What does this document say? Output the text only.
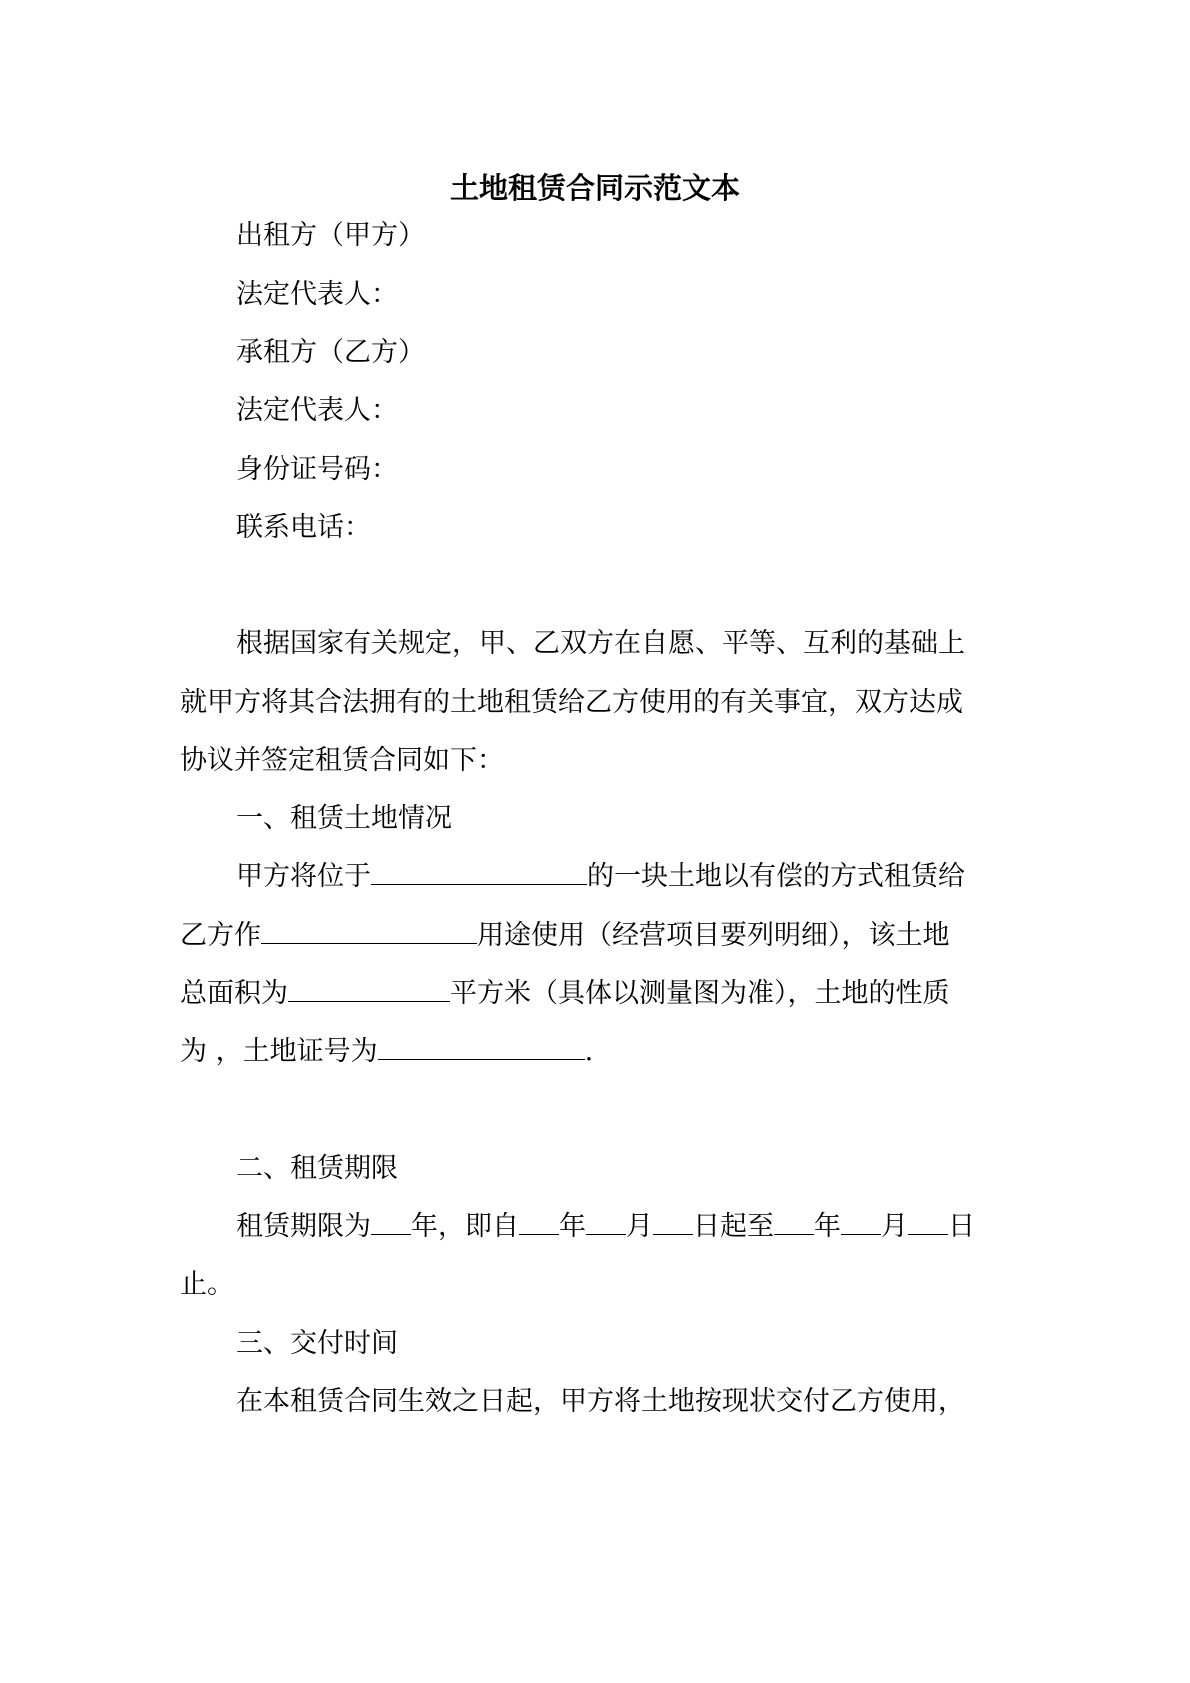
土地租赁合同示范文本

出租方（甲方）

法定代表人：

承租方（乙方）

法定代表人：

身份证号码：

联系电话：

根据国家有关规定，甲、乙双方在自愿、平等、互利的基础上

就甲方将其合法拥有的土地租赁给乙方使用的有关事宜，双方达成

协议并签定租赁合同如下：

一、租赁土地情况

甲方将位于	的一块土地以有偿的方式租赁给

乙方作	用途使用（经营项目要列明细），该土地

总面积为	平方米（具体以测量图为准），土地的性质

为 ，土地证号为	.

二、租赁期限

租赁期限为 年，即自 年 月 日起至 年 月 日

止。

三、交付时间

在本租赁合同生效之日起，甲方将土地按现状交付乙方使用，
